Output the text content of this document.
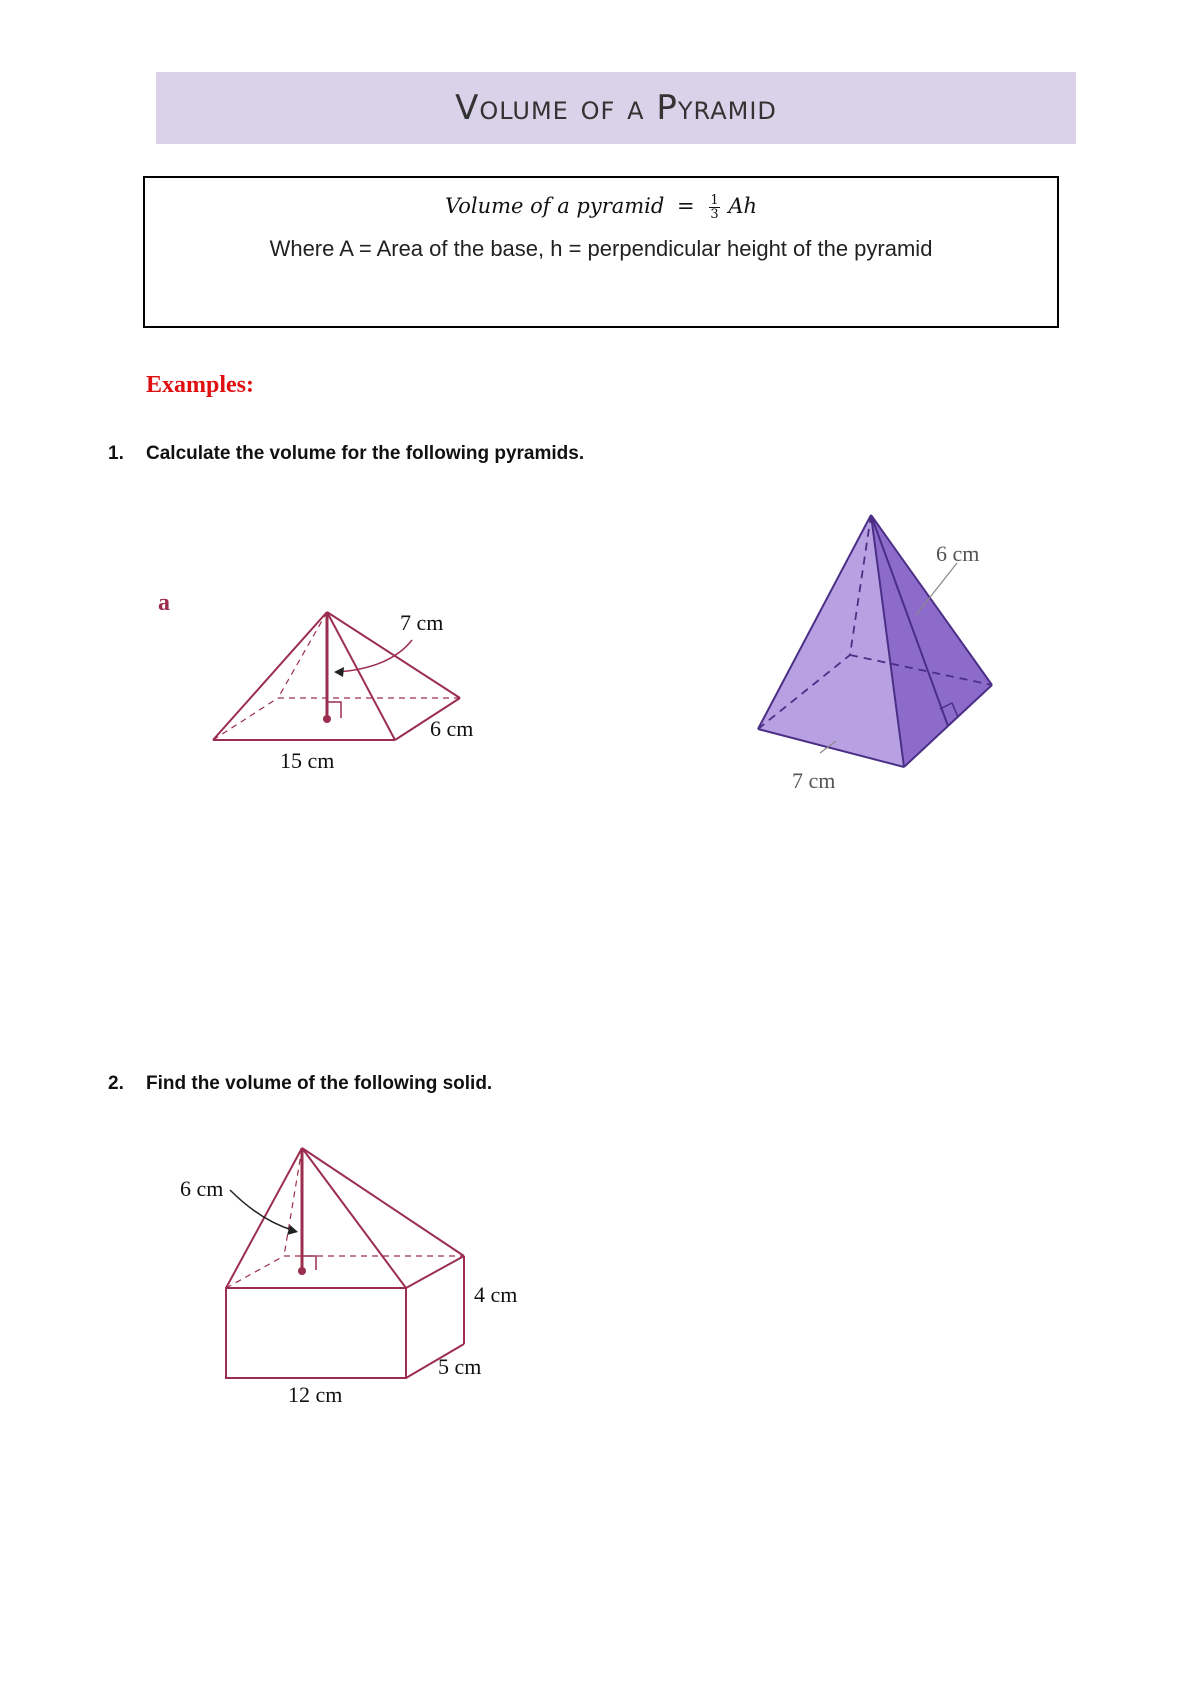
Volume of a Pyramid
Volume of a pyramid = $\frac{1}{3}$ Ah
Where A = Area of the base, h = perpendicular height of the pyramid
Examples:
1. Calculate the volume for the following pyramids.
a
7 cm
6 cm
15 cm
6 cm
7 cm
2. Find the volume of the following solid.
6 cm
4 cm
5 cm
12 cm
